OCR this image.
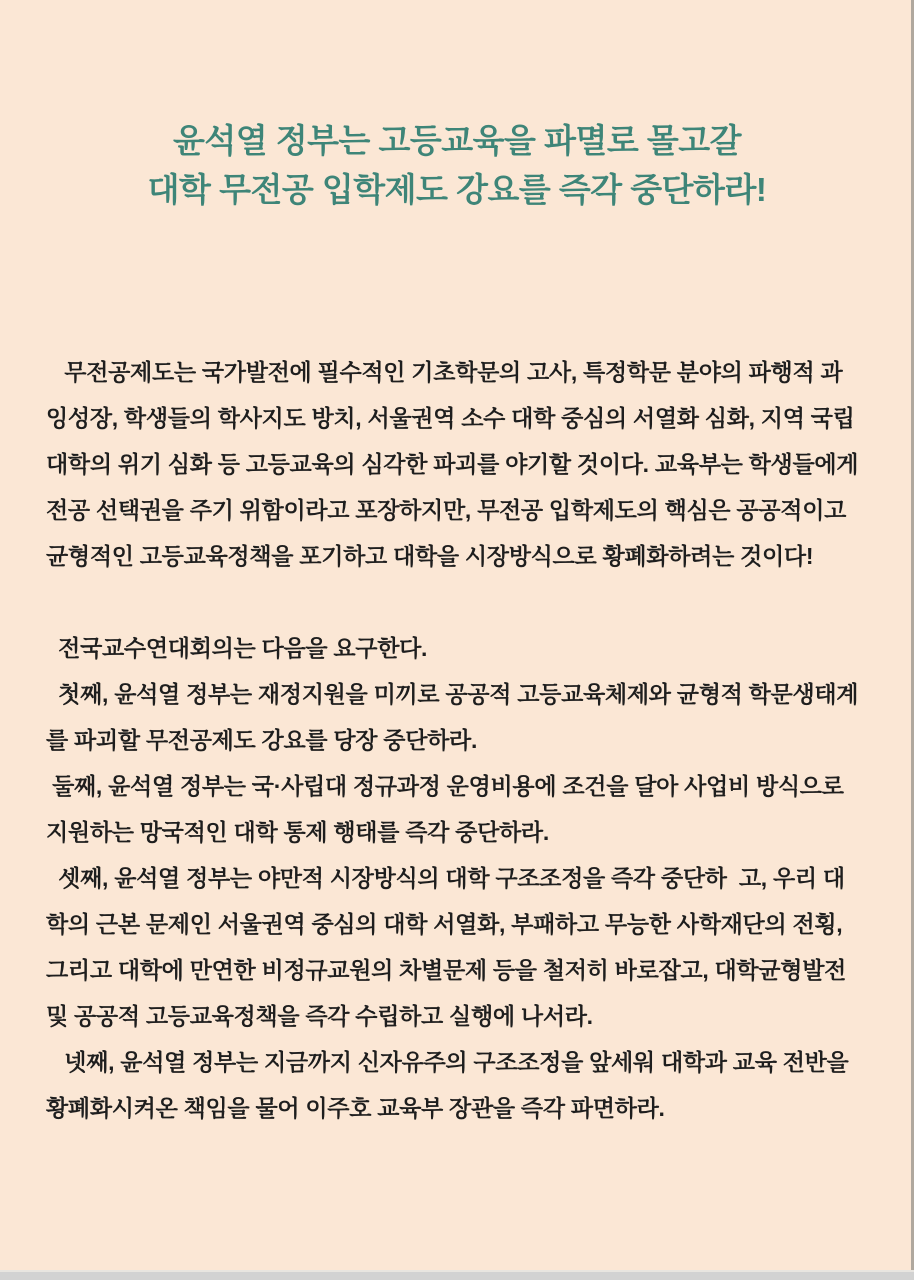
윤석열 정부는 고등교육을 파멸로 몰고갈
대학 무전공 입학제도 강요를 즉각 중단하라!
무전공제도는 국가발전에 필수적인 기초학문의 고사, 특정학문 분야의 파행적 과
잉성장, 학생들의 학사지도 방치, 서울권역 소수 대학 중심의 서열화 심화, 지역 국립
대학의 위기 심화 등 고등교육의 심각한 파괴를 야기할 것이다. 교육부는 학생들에게
전공 선택권을 주기 위함이라고 포장하지만, 무전공 입학제도의 핵심은 공공적이고
균형적인 고등교육정책을 포기하고 대학을 시장방식으로 황폐화하려는 것이다!
전국교수연대회의는 다음을 요구한다.
첫째, 윤석열 정부는 재정지원을 미끼로 공공적 고등교육체제와 균형적 학문생태계
를 파괴할 무전공제도 강요를 당장 중단하라.
둘째, 윤석열 정부는 국·사립대 정규과정 운영비용에 조건을 달아 사업비 방식으로
지원하는 망국적인 대학 통제 행태를 즉각 중단하라.
셋째, 윤석열 정부는 야만적 시장방식의 대학 구조조정을 즉각 중단하  고, 우리 대
학의 근본 문제인 서울권역 중심의 대학 서열화, 부패하고 무능한 사학재단의 전횡,
그리고 대학에 만연한 비정규교원의 차별문제 등을 철저히 바로잡고, 대학균형발전
및 공공적 고등교육정책을 즉각 수립하고 실행에 나서라.
넷째, 윤석열 정부는 지금까지 신자유주의 구조조정을 앞세워 대학과 교육 전반을
황폐화시켜온 책임을 물어 이주호 교육부 장관을 즉각 파면하라.
